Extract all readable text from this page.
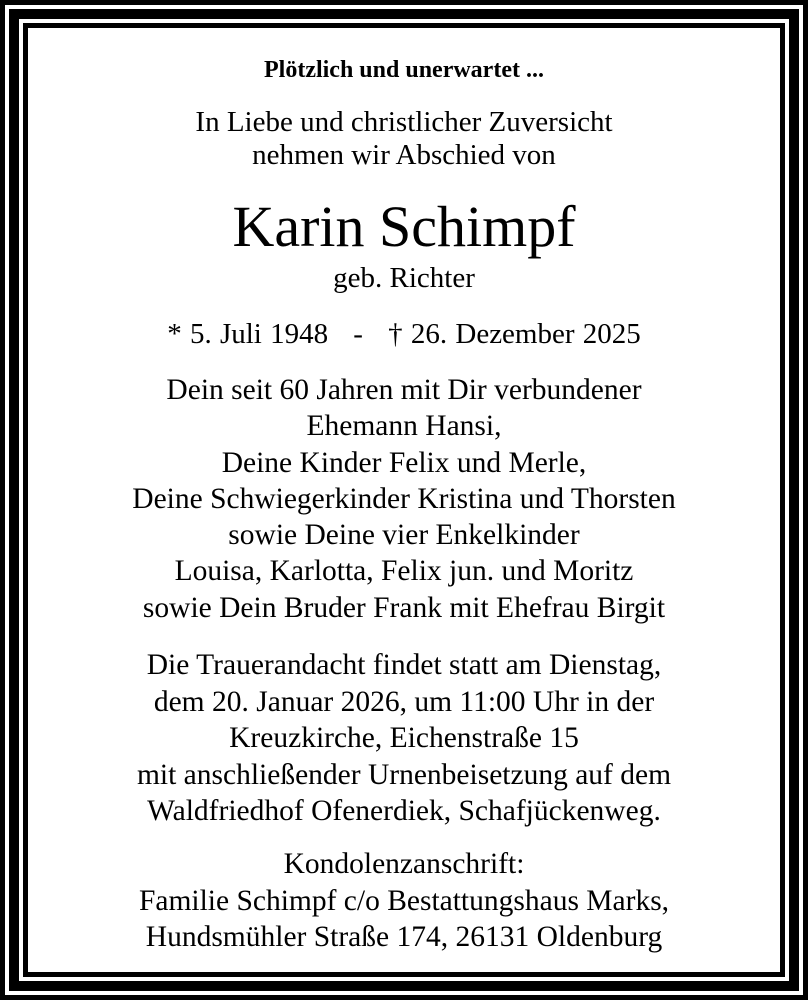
Plötzlich und unerwartet ...
In Liebe und christlicher Zuversicht
nehmen wir Abschied von
Karin Schimpf
geb. Richter
* 5. Juli 1948 - † 26. Dezember 2025
Dein seit 60 Jahren mit Dir verbundener
Ehemann Hansi,
Deine Kinder Felix und Merle,
Deine Schwiegerkinder Kristina und Thorsten
sowie Deine vier Enkelkinder
Louisa, Karlotta, Felix jun. und Moritz
sowie Dein Bruder Frank mit Ehefrau Birgit
Die Trauerandacht findet statt am Dienstag,
dem 20. Januar 2026, um 11:00 Uhr in der
Kreuzkirche, Eichenstraße 15
mit anschließender Urnenbeisetzung auf dem
Waldfriedhof Ofenerdiek, Schafjückenweg.
Kondolenzanschrift:
Familie Schimpf c/o Bestattungshaus Marks,
Hundsmühler Straße 174, 26131 Oldenburg
